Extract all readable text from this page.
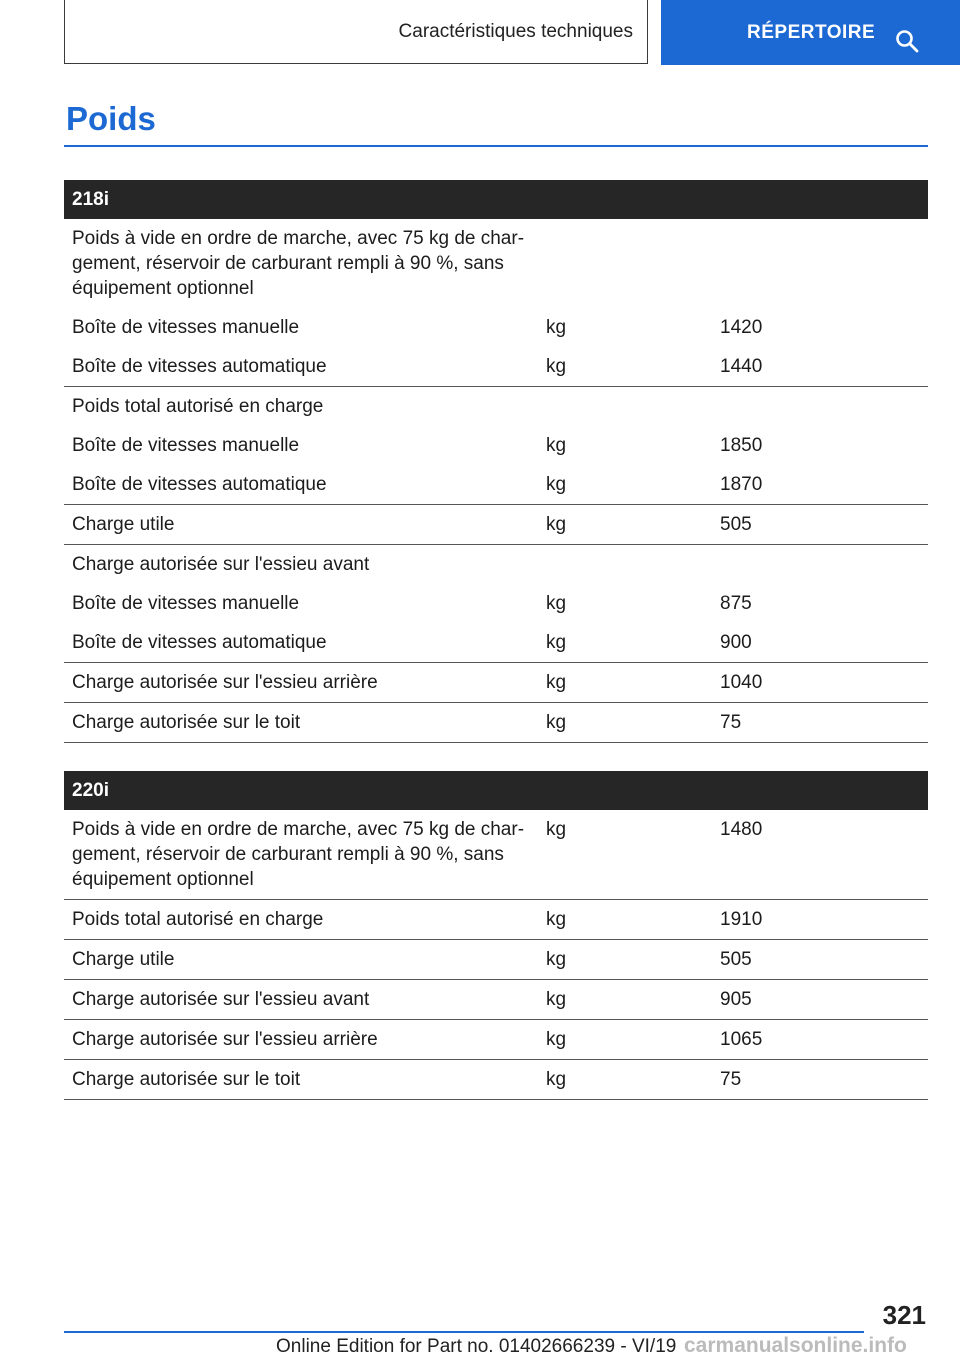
Caractéristiques techniques	RÉPERTOIRE
Poids
218i
Poids à vide en ordre de marche, avec 75 kg de char-
gement, réservoir de carburant rempli à 90 %, sans
équipement optionnel
Boîte de vitesses manuelle	kg	1420
Boîte de vitesses automatique	kg	1440
Poids total autorisé en charge
Boîte de vitesses manuelle	kg	1850
Boîte de vitesses automatique	kg	1870
Charge utile	kg	505
Charge autorisée sur l'essieu avant
Boîte de vitesses manuelle	kg	875
Boîte de vitesses automatique	kg	900
Charge autorisée sur l'essieu arrière	kg	1040
Charge autorisée sur le toit	kg	75
220i
Poids à vide en ordre de marche, avec 75 kg de char-
gement, réservoir de carburant rempli à 90 %, sans
équipement optionnel
kg	1480
Poids total autorisé en charge	kg	1910
Charge utile	kg	505
Charge autorisée sur l'essieu avant	kg	905
Charge autorisée sur l'essieu arrière	kg	1065
Charge autorisée sur le toit	kg	75
321
Online Edition for Part no. 01402666239 - VI/19 carmanualsonline.info
